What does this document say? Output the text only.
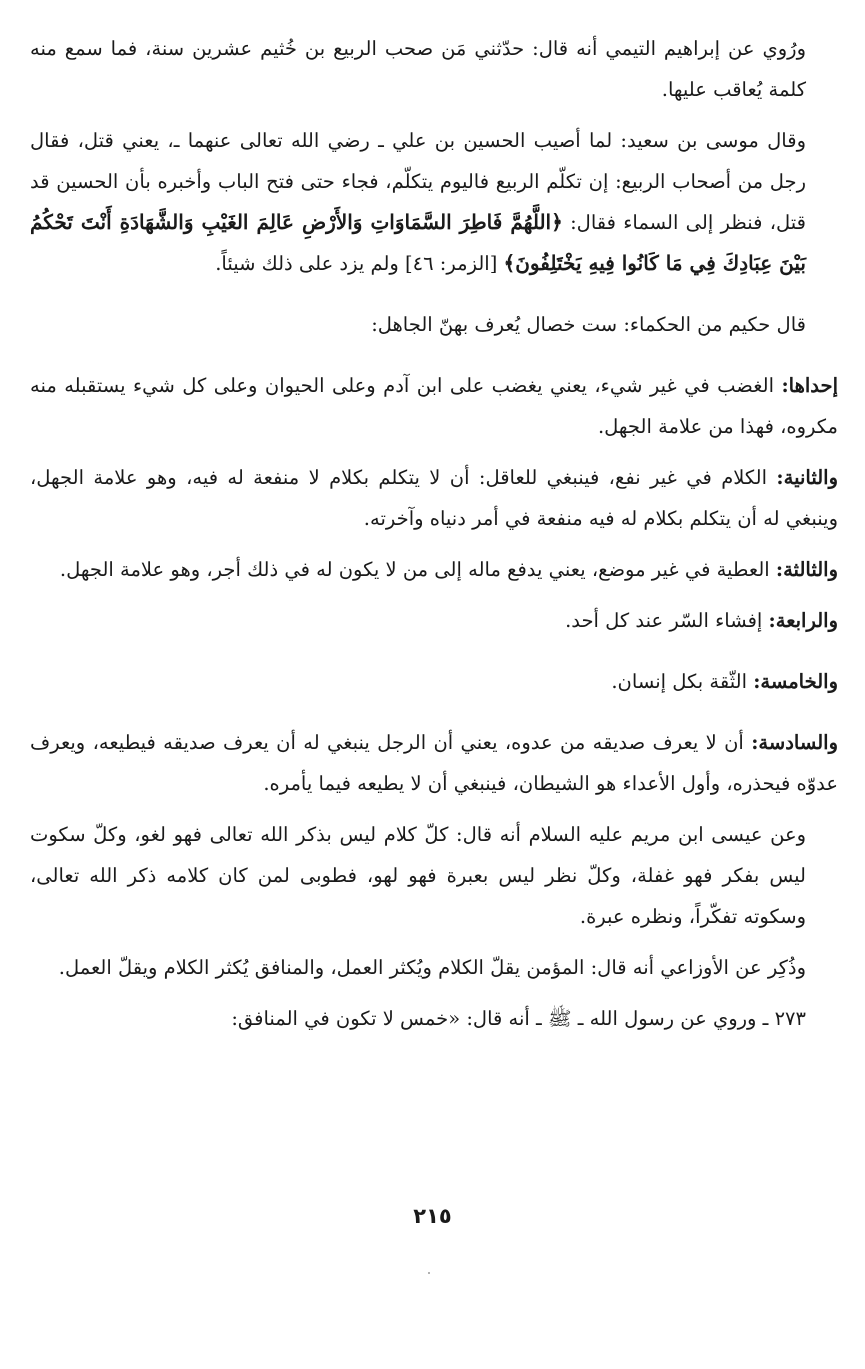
ورُوي عن إبراهيم التيمي أنه قال: حدّثني مَن صحب الربيع بن خُثيم عشرين سنة، فما سمع منه كلمة يُعاقب عليها.

وقال موسى بن سعيد: لما أصيب الحسين بن علي ـ رضي الله تعالى عنهما ـ، يعني قتل، فقال رجل من أصحاب الربيع: إن تكلّم الربيع فاليوم يتكلّم، فجاء حتى فتح الباب وأخبره بأن الحسين قد قتل، فنظر إلى السماء فقال: ﴿اللَّهُمَّ فَاطِرَ السَّمَاوَاتِ وَالأَرْضِ عَالِمَ الغَيْبِ وَالشَّهَادَةِ أَنْتَ تَحْكُمُ بَيْنَ عِبَادِكَ فِي مَا كَانُوا فِيهِ يَخْتَلِفُونَ﴾ [الزمر: ٤٦] ولم يزد على ذلك شيئاً.

قال حكيم من الحكماء: ست خصال يُعرف بهنّ الجاهل:

إحداها: الغضب في غير شيء، يعني يغضب على ابن آدم وعلى الحيوان وعلى كل شيء يستقبله منه مكروه، فهذا من علامة الجهل.

والثانية: الكلام في غير نفع، فينبغي للعاقل: أن لا يتكلم بكلام لا منفعة له فيه، وهو علامة الجهل، وينبغي له أن يتكلم بكلام له فيه منفعة في أمر دنياه وآخرته.

والثالثة: العطية في غير موضع، يعني يدفع ماله إلى من لا يكون له في ذلك أجر، وهو علامة الجهل.

والرابعة: إفشاء السّر عند كل أحد.

والخامسة: الثّقة بكل إنسان.

والسادسة: أن لا يعرف صديقه من عدوه، يعني أن الرجل ينبغي له أن يعرف صديقه فيطيعه، ويعرف عدوّه فيحذره، وأول الأعداء هو الشيطان، فينبغي أن لا يطيعه فيما يأمره.

وعن عيسى ابن مريم عليه السلام أنه قال: كلّ كلام ليس بذكر الله تعالى فهو لغو، وكلّ سكوت ليس بفكر فهو غفلة، وكلّ نظر ليس بعبرة فهو لهو، فطوبى لمن كان كلامه ذكر الله تعالى، وسكوته تفكّراً، ونظره عبرة.

وذُكِر عن الأوزاعي أنه قال: المؤمن يقلّ الكلام ويُكثر العمل، والمنافق يُكثر الكلام ويقلّ العمل.

٢٧٣ ـ وروي عن رسول الله ـ ﷺ ـ أنه قال: «خمس لا تكون في المنافق:

٢١٥
